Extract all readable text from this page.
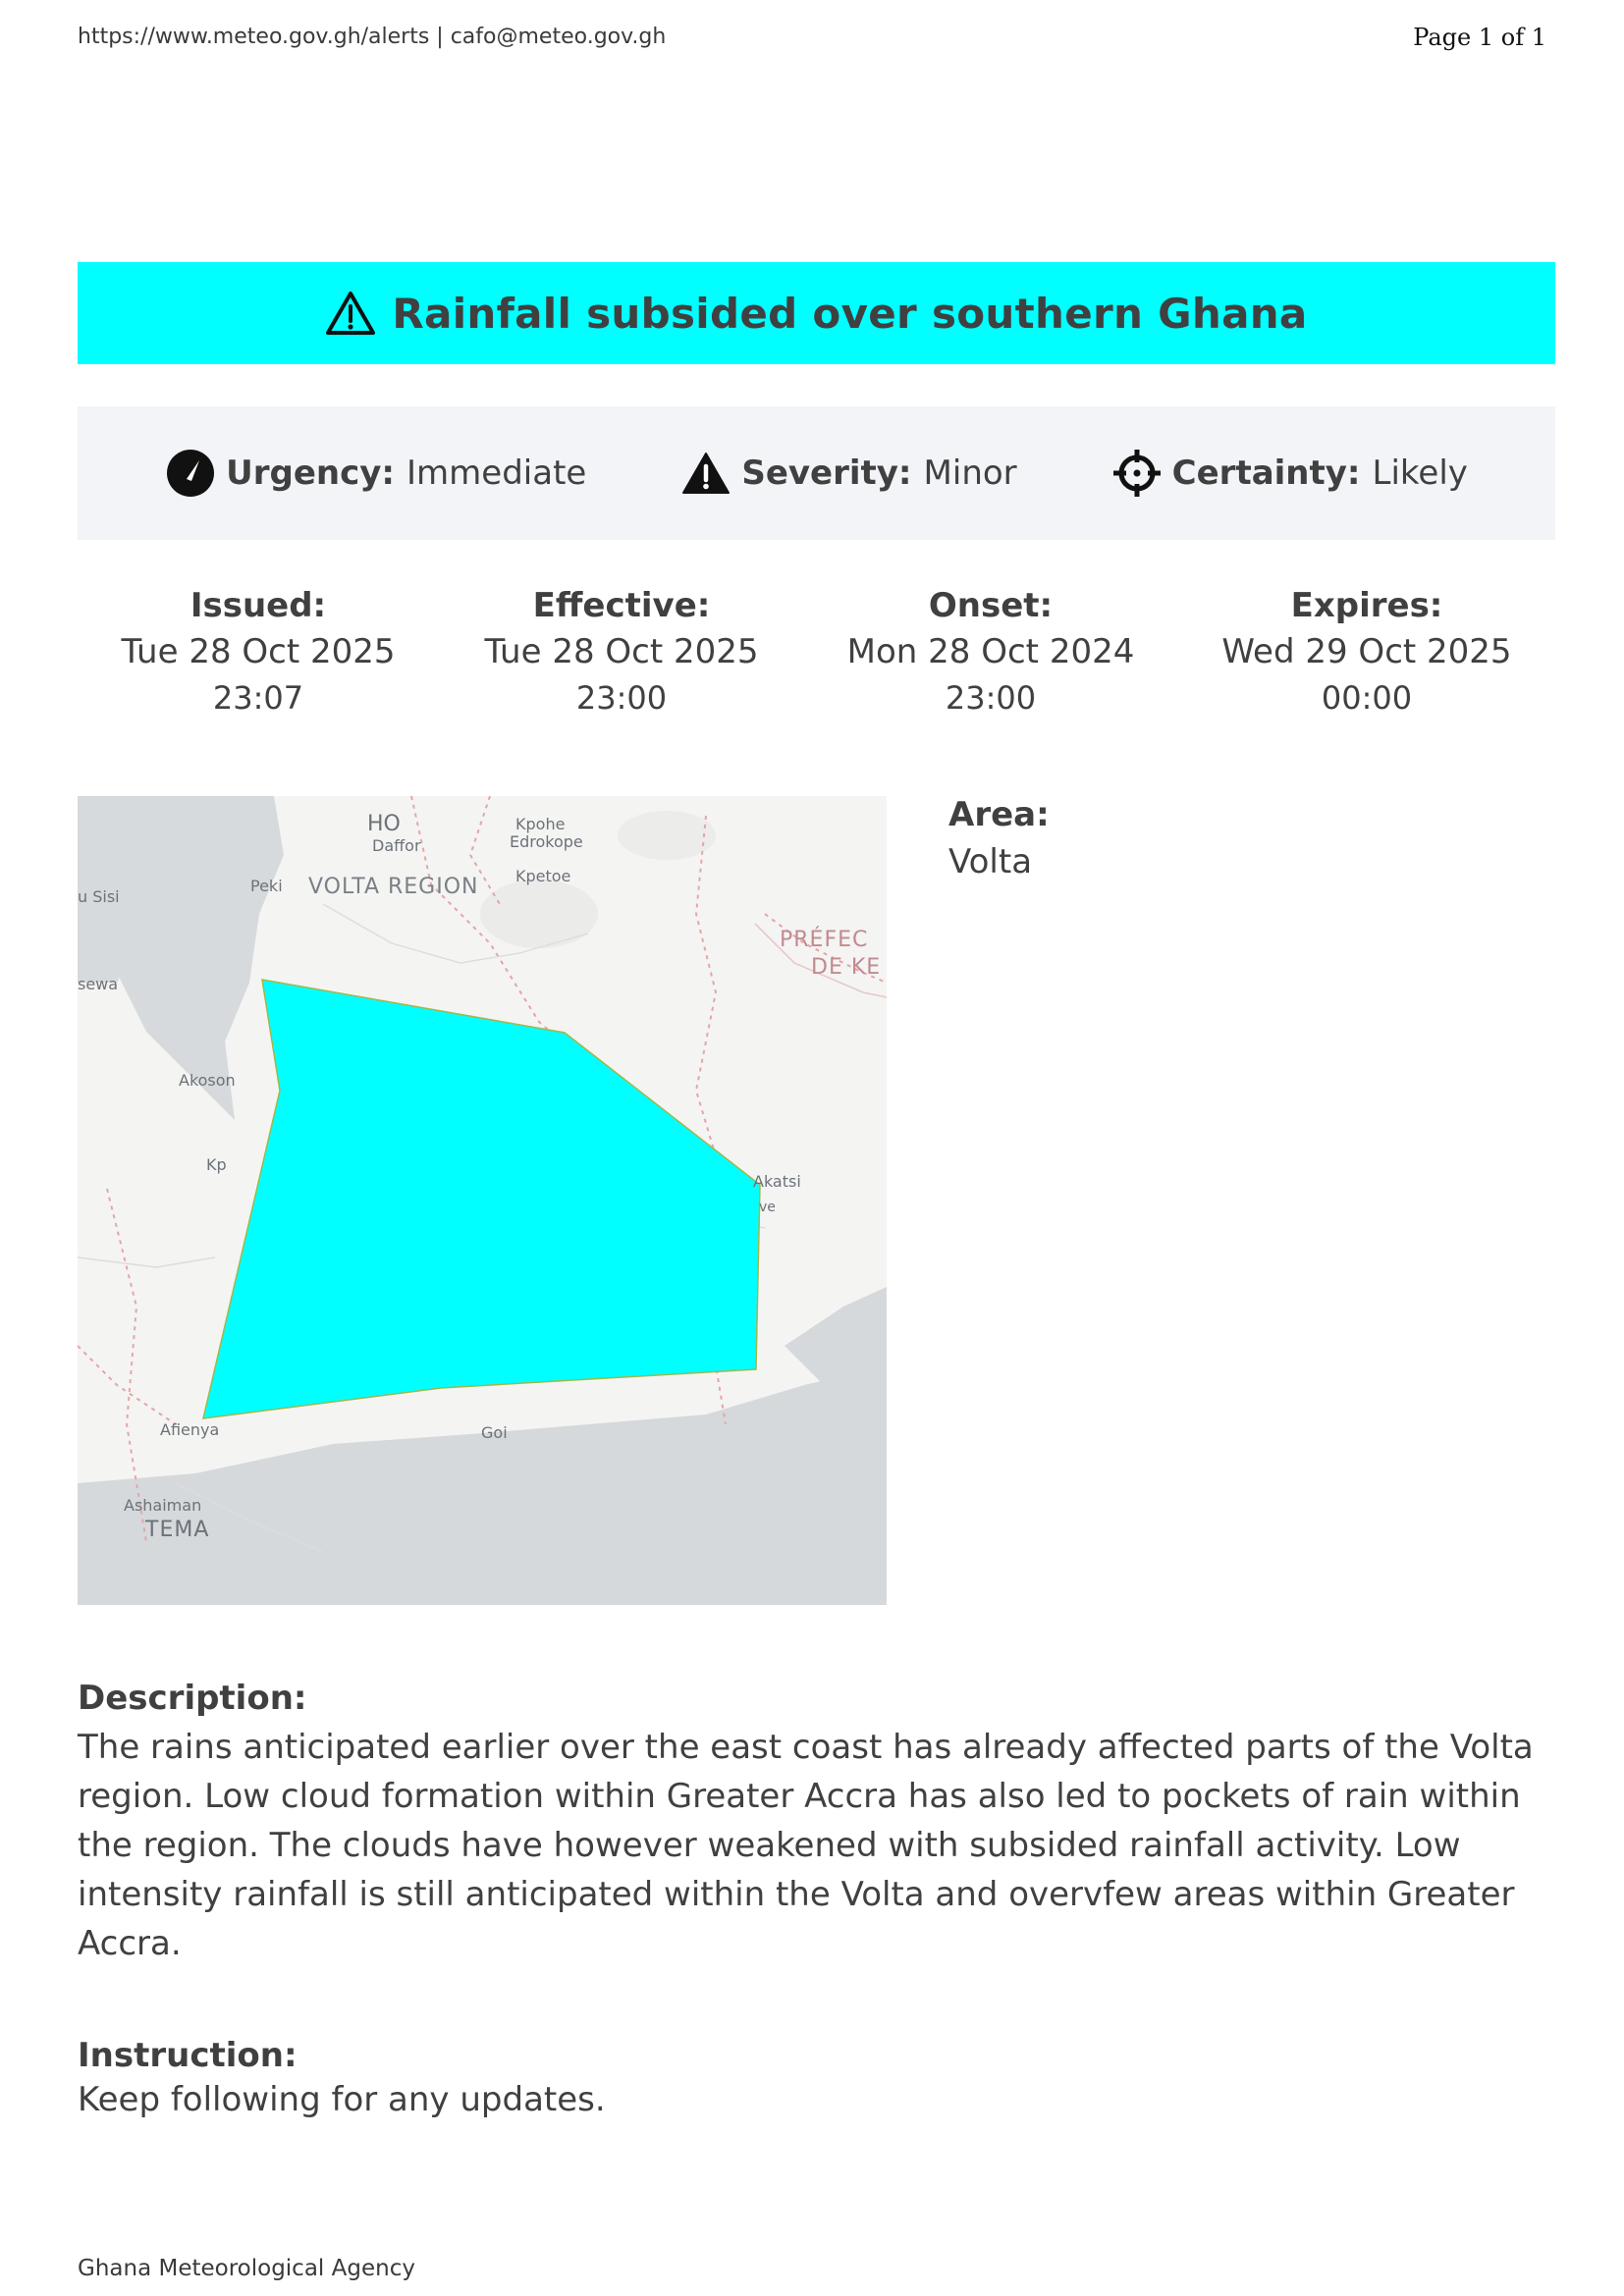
https://www.meteo.gov.gh/alerts | cafo@meteo.gov.gh	Page 1 of 1
Rainfall subsided over southern Ghana
Urgency: Immediate	Severity: Minor	Certainty: Likely
Issued:
Tue 28 Oct 2025
23:07
Effective:
Tue 28 Oct 2025
23:00
Onset:
Mon 28 Oct 2024
23:00
Expires:
Wed 29 Oct 2025
00:00
Kpohe
Edrokope
Kpetoe
Daffor
HO
VOLTA REGION
Peki
u Sisi
sewa
PRÉFEC
DE KE
Akoson
Kp
Akatsi
ve
Afienya	Goi
Ashaiman
TEMA
Area:
Volta
Description:
The rains anticipated earlier over the east coast has already affected parts of the Volta region. Low cloud formation within Greater Accra has also led to pockets of rain within the region. The clouds have however weakened with subsided rainfall activity. Low intensity rainfall is still anticipated within the Volta and overvfew areas within Greater Accra.
Instruction:
Keep following for any updates.
Ghana Meteorological Agency
